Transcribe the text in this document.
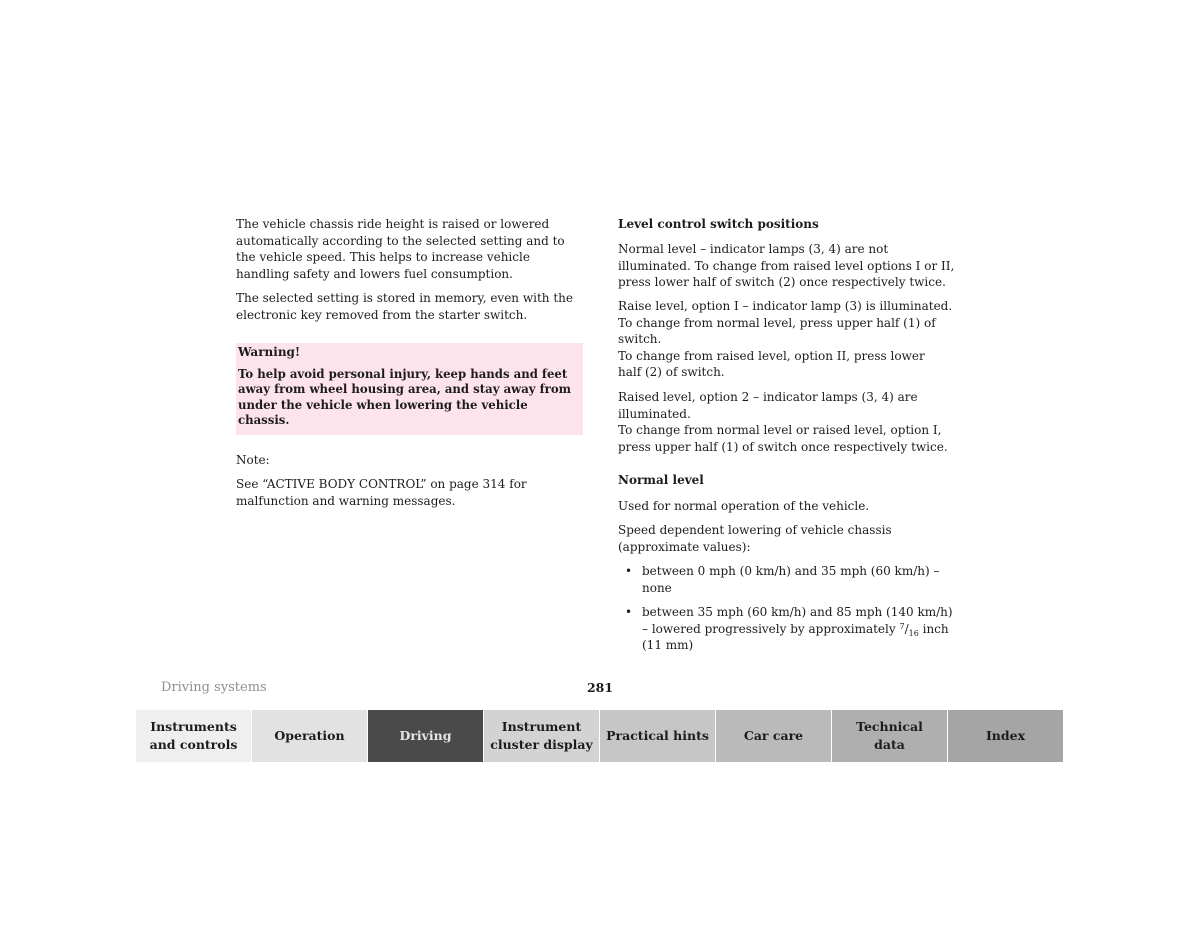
The vehicle chassis ride height is raised or lowered
automatically according to the selected setting and to
the vehicle speed. This helps to increase vehicle
handling safety and lowers fuel consumption.
The selected setting is stored in memory, even with the
electronic key removed from the starter switch.
Warning!
To help avoid personal injury, keep hands and feet
away from wheel housing area, and stay away from
under the vehicle when lowering the vehicle
chassis.
Note:
See “ACTIVE BODY CONTROL” on page 314 for
malfunction and warning messages.
Level control switch positions
Normal level – indicator lamps (3, 4) are not
illuminated. To change from raised level options I or II,
press lower half of switch (2) once respectively twice.
Raise level, option I – indicator lamp (3) is illuminated.
To change from normal level, press upper half (1) of
switch.
To change from raised level, option II, press lower
half (2) of switch.
Raised level, option 2 – indicator lamps (3, 4) are
illuminated.
To change from normal level or raised level, option I,
press upper half (1) of switch once respectively twice.
Normal level
Used for normal operation of the vehicle.
Speed dependent lowering of vehicle chassis
(approximate values):
• between 0 mph (0 km/h) and 35 mph (60 km/h) –
none
• between 35 mph (60 km/h) and 85 mph (140 km/h)
– lowered progressively by approximately $^7/_{16}$ inch
(11 mm)
Driving systems	281
Instruments
and controls
Operation	Driving
Instrument
cluster display
Practical hints	Car care
Technical
data
Index
